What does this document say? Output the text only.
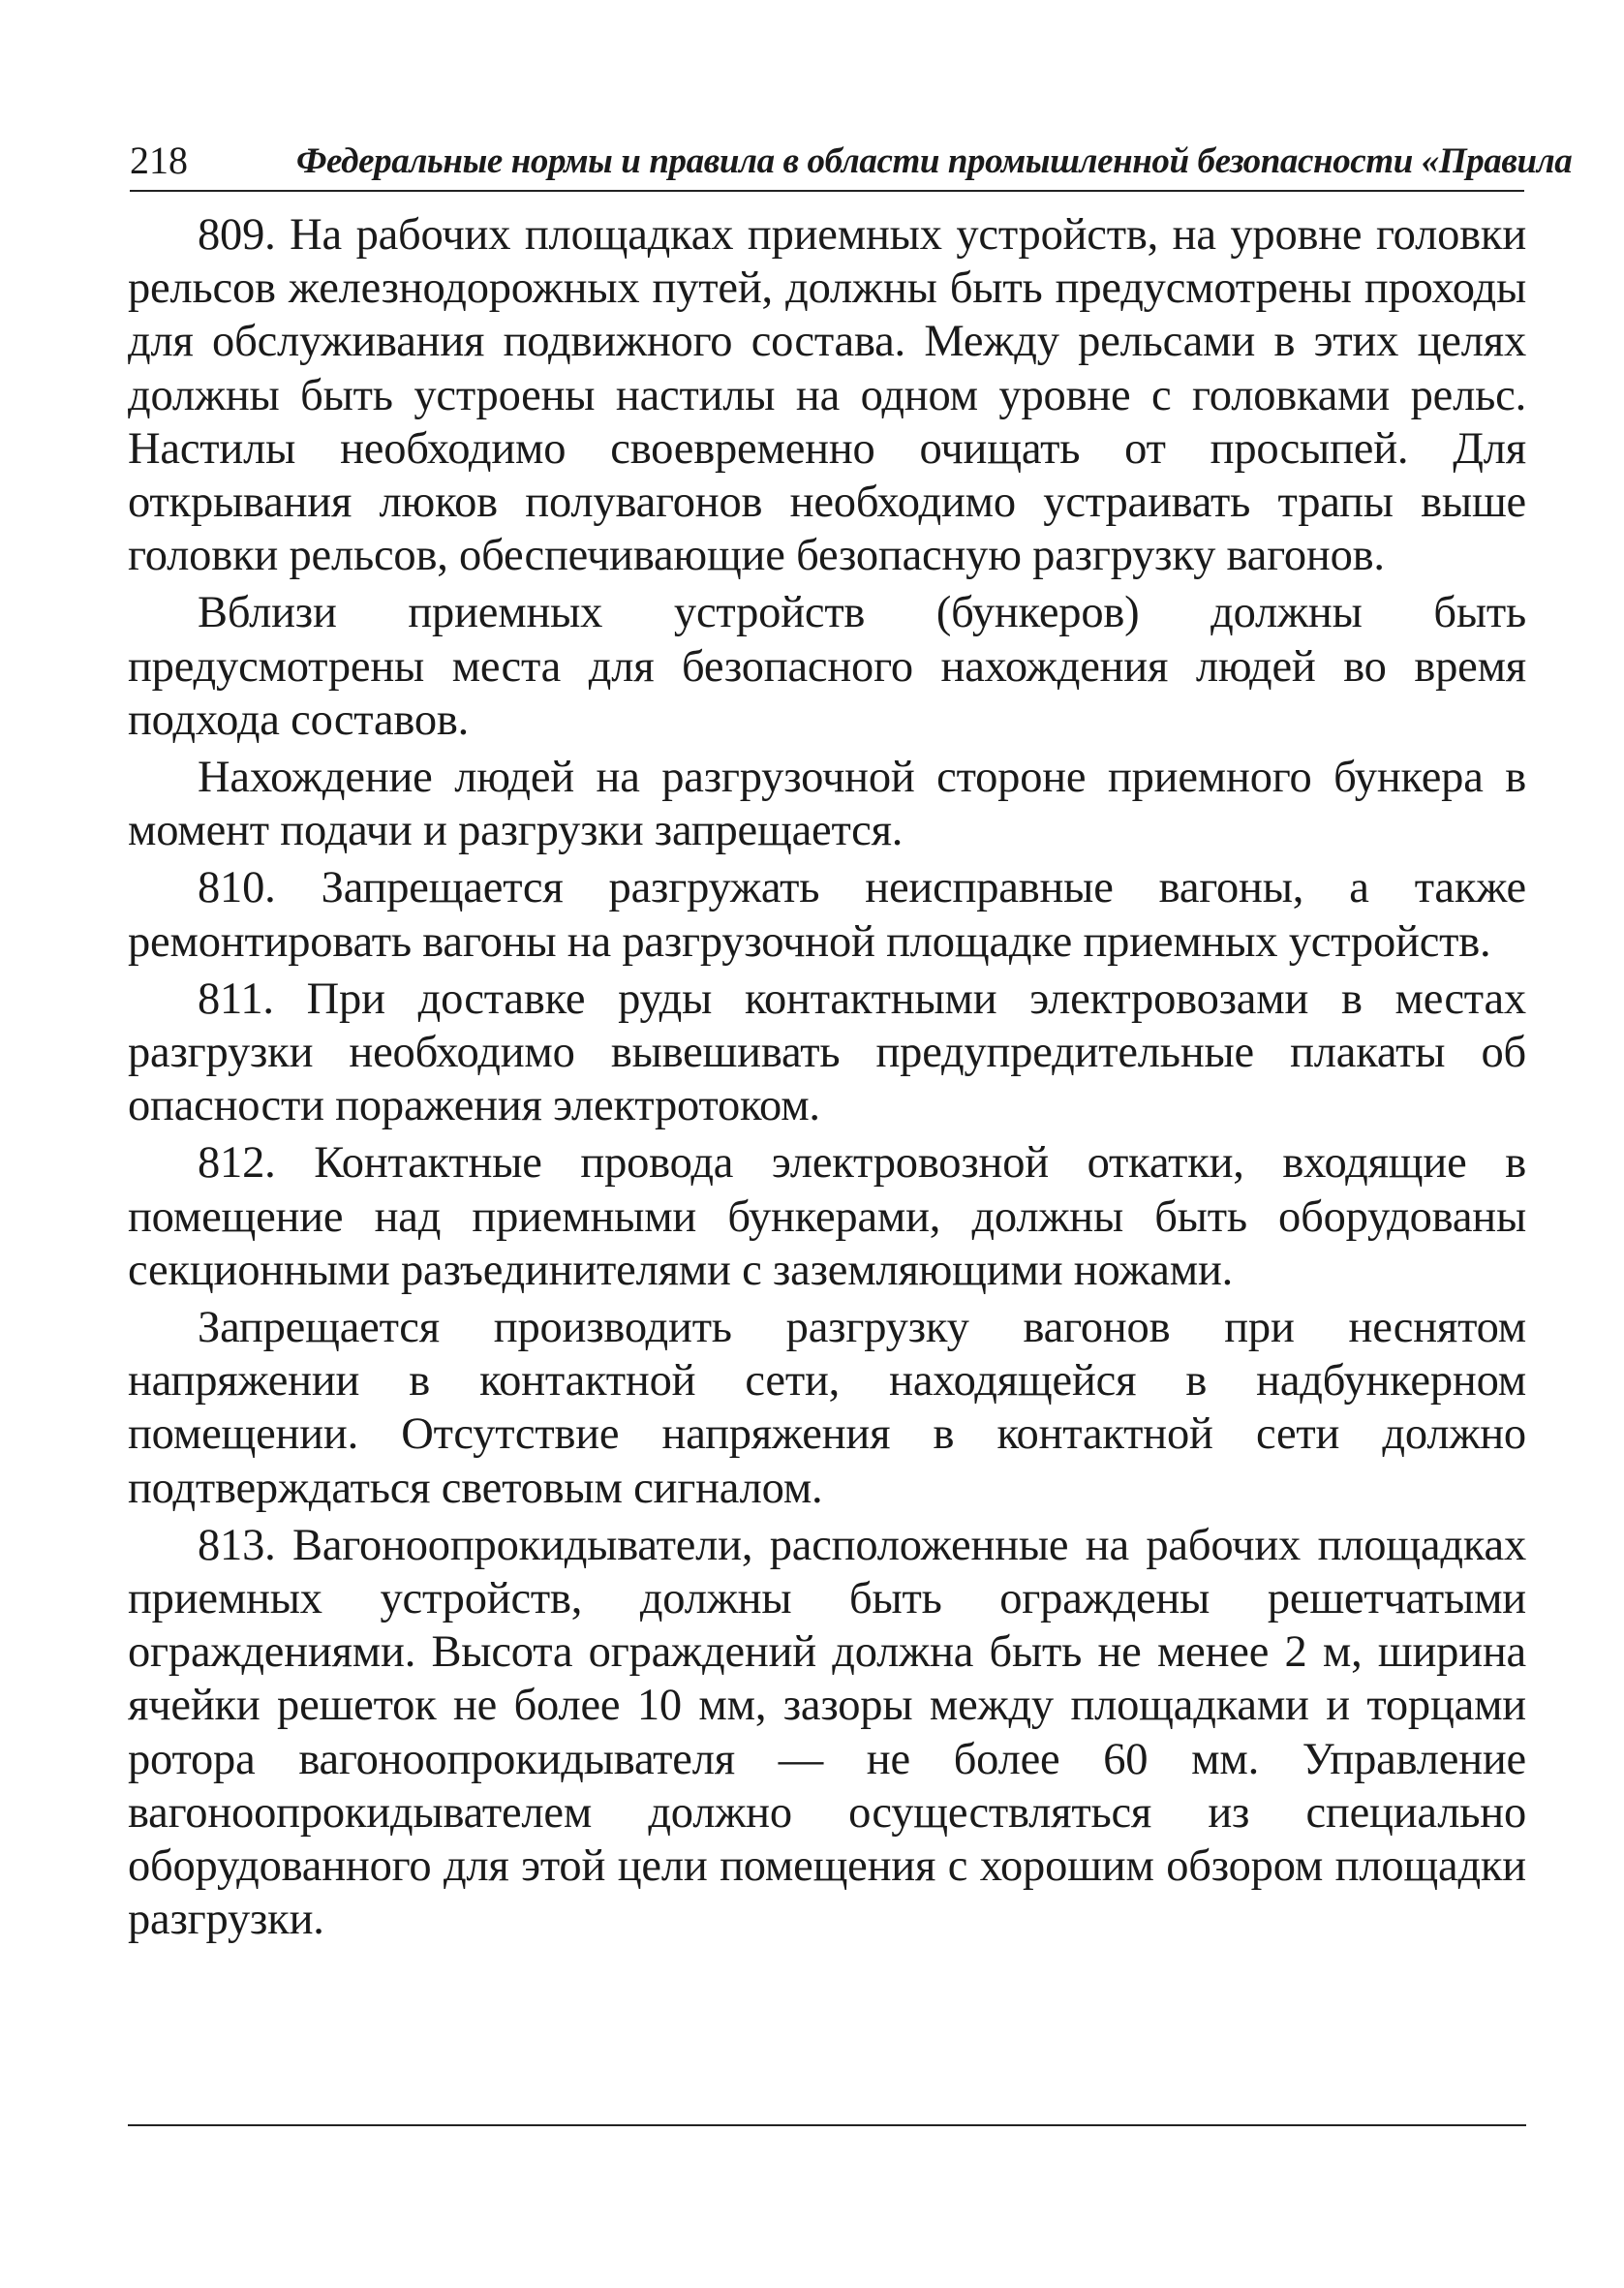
218	Федеральные нормы и правила в области промышленной безопасности «Правила

809. На рабочих площадках приемных устройств, на уровне головки рельсов железнодорожных путей, должны быть предусмотрены проходы для обслуживания подвижного состава. Между рельсами в этих целях должны быть устроены настилы на одном уровне с головками рельс. Настилы необходимо своевременно очищать от просыпей. Для открывания люков полувагонов необходимо устраивать трапы выше головки рельсов, обеспечивающие безопасную разгрузку вагонов.

Вблизи приемных устройств (бункеров) должны быть предусмотрены места для безопасного нахождения людей во время подхода составов.

Нахождение людей на разгрузочной стороне приемного бункера в момент подачи и разгрузки запрещается.

810. Запрещается разгружать неисправные вагоны, а также ремонтировать вагоны на разгрузочной площадке приемных устройств.

811. При доставке руды контактными электровозами в местах разгрузки необходимо вывешивать предупредительные плакаты об опасности поражения электротоком.

812. Контактные провода электровозной откатки, входящие в помещение над приемными бункерами, должны быть оборудованы секционными разъединителями с заземляющими ножами.

Запрещается производить разгрузку вагонов при неснятом напряжении в контактной сети, находящейся в надбункерном помещении. Отсутствие напряжения в контактной сети должно подтверждаться световым сигналом.

813. Вагоноопрокидыватели, расположенные на рабочих площадках приемных устройств, должны быть ограждены решетчатыми ограждениями. Высота ограждений должна быть не менее 2 м, ширина ячейки решеток не более 10 мм, зазоры между площадками и торцами ротора вагоноопрокидывателя — не более 60 мм. Управление вагоноопрокидывателем должно осуществляться из специально оборудованного для этой цели помещения с хорошим обзором площадки разгрузки.
